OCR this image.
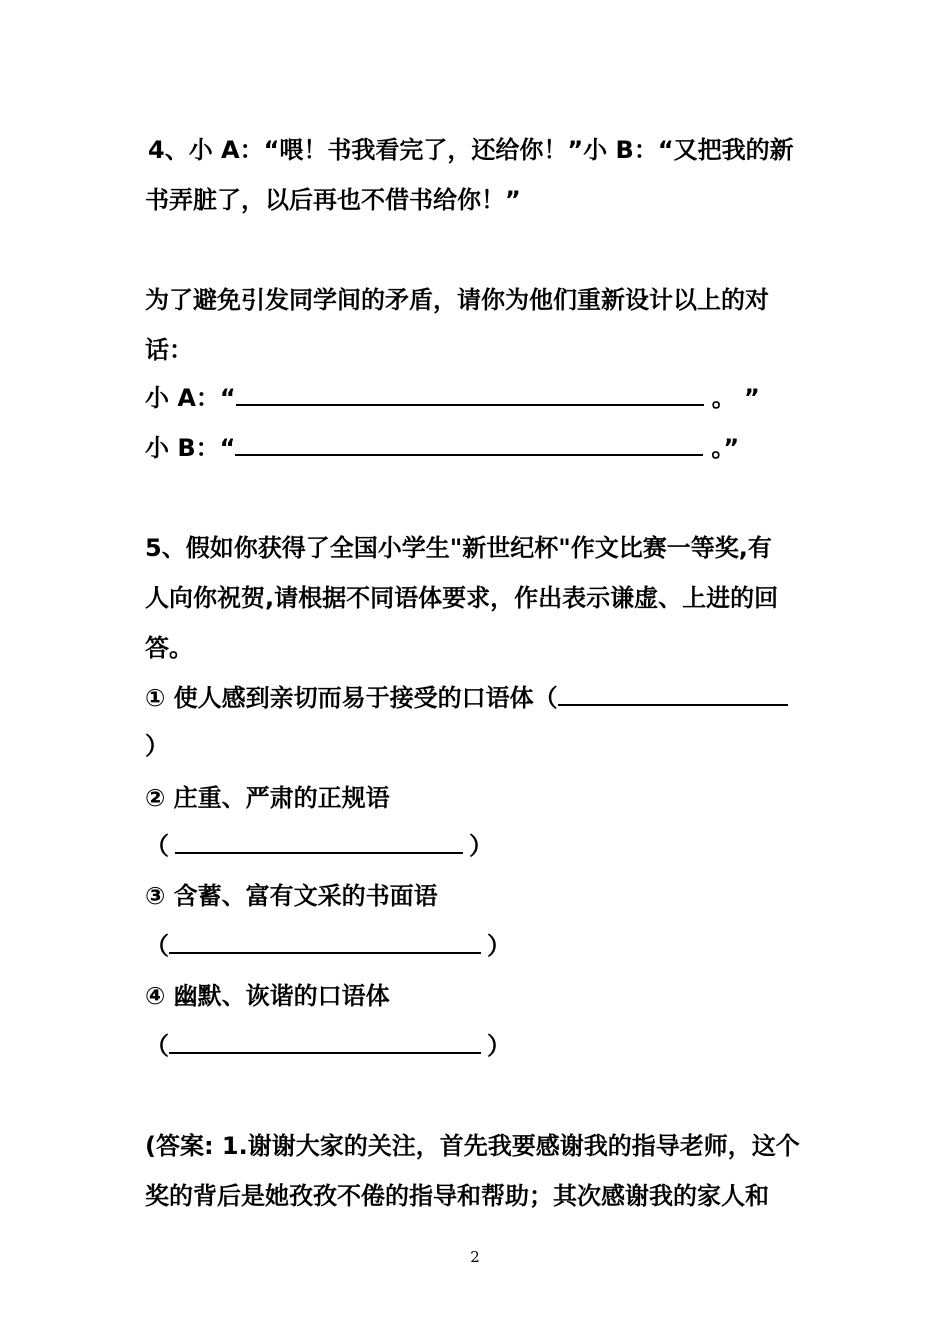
4、小 A：“喂！书我看完了，还给你！”小 B：“又把我的新
书弄脏了，以后再也不借书给你！”
为了避免引发同学间的矛盾，请你为他们重新设计以上的对
话：
小 A：“	。 ”
小 B：“	。”
5、假如你获得了全国小学生"新世纪杯"作文比赛一等奖,有
人向你祝贺,请根据不同语体要求，作出表示谦虚、上进的回
答。
① 使人感到亲切而易于接受的口语体（
）
② 庄重、严肃的正规语
（	）
③ 含蓄、富有文采的书面语
（	）
④ 幽默、诙谐的口语体
（	）
(答案: 1.谢谢大家的关注，首先我要感谢我的指导老师，这个
奖的背后是她孜孜不倦的指导和帮助；其次感谢我的家人和
2
